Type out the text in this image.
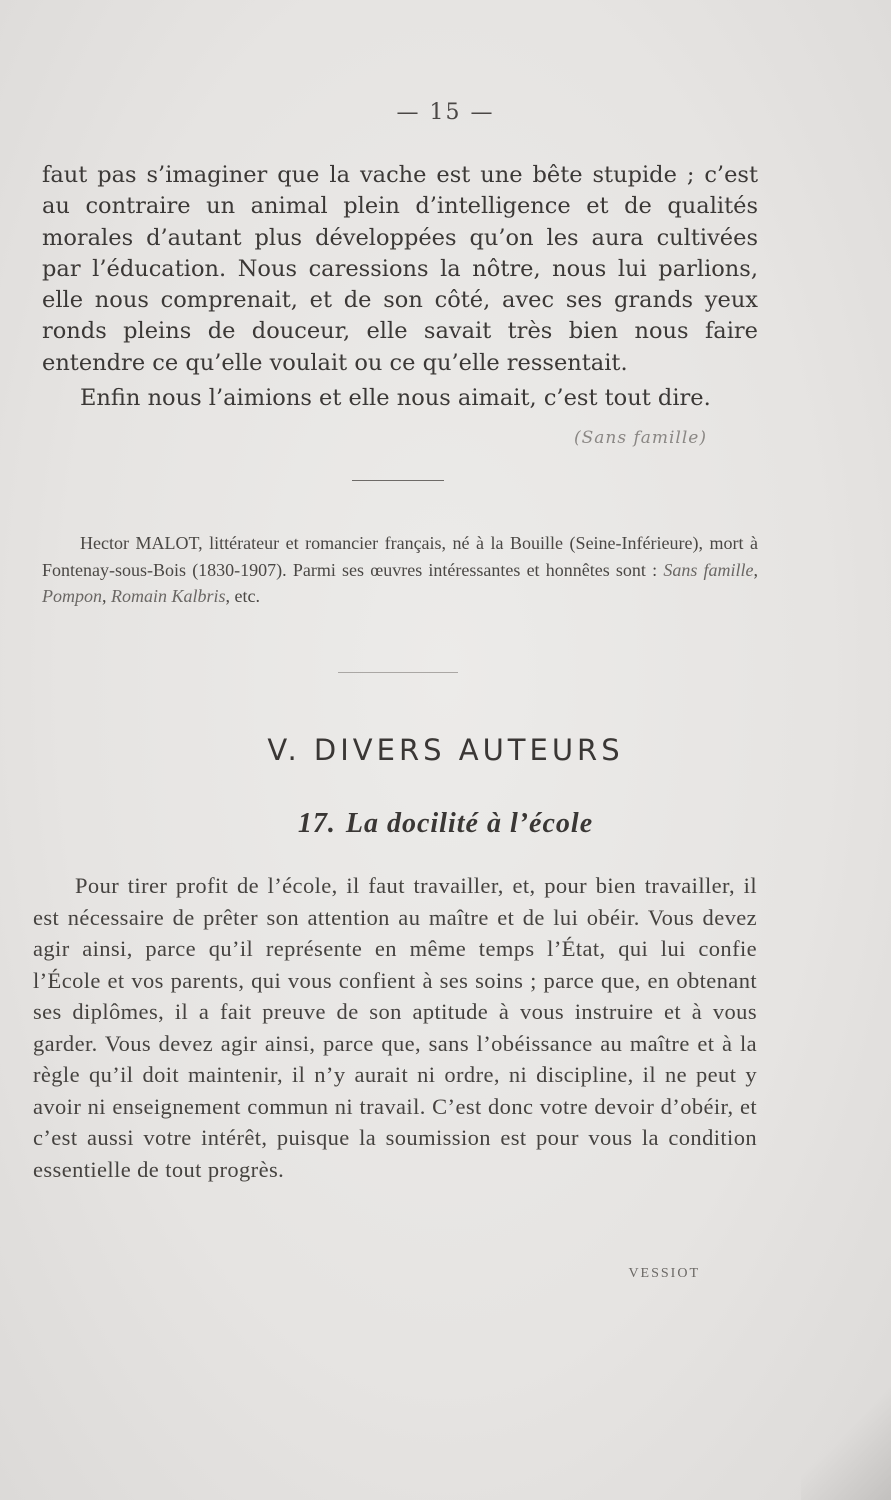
— 15 —

faut pas s’imaginer que la vache est une bête stupide ; c’est au contraire un animal plein d’intelligence et de qualités morales d’autant plus développées qu’on les aura cultivées par l’éducation. Nous caressions la nôtre, nous lui parlions, elle nous comprenait, et de son côté, avec ses grands yeux ronds pleins de douceur, elle savait très bien nous faire entendre ce qu’elle voulait ou ce qu’elle ressentait.

Enfin nous l’aimions et elle nous aimait, c’est tout dire.

(Sans famille)

Hector MALOT, littérateur et romancier français, né à la Bouille (Seine-Inférieure), mort à Fontenay-sous-Bois (1830-1907). Parmi ses œuvres intéressantes et honnêtes sont : Sans famille, Pompon, Romain Kalbris, etc.

V. DIVERS AUTEURS
17. La docilité à l’école

Pour tirer profit de l’école, il faut travailler, et, pour bien travailler, il est nécessaire de prêter son attention au maître et de lui obéir. Vous devez agir ainsi, parce qu’il représente en même temps l’État, qui lui confie l’École et vos parents, qui vous confient à ses soins ; parce que, en obtenant ses diplômes, il a fait preuve de son aptitude à vous instruire et à vous garder. Vous devez agir ainsi, parce que, sans l’obéissance au maître et à la règle qu’il doit maintenir, il n’y aurait ni ordre, ni discipline, il ne peut y avoir ni enseignement commun ni travail. C’est donc votre devoir d’obéir, et c’est aussi votre intérêt, puisque la soumission est pour vous la condition essentielle de tout progrès.

VESSIOT
